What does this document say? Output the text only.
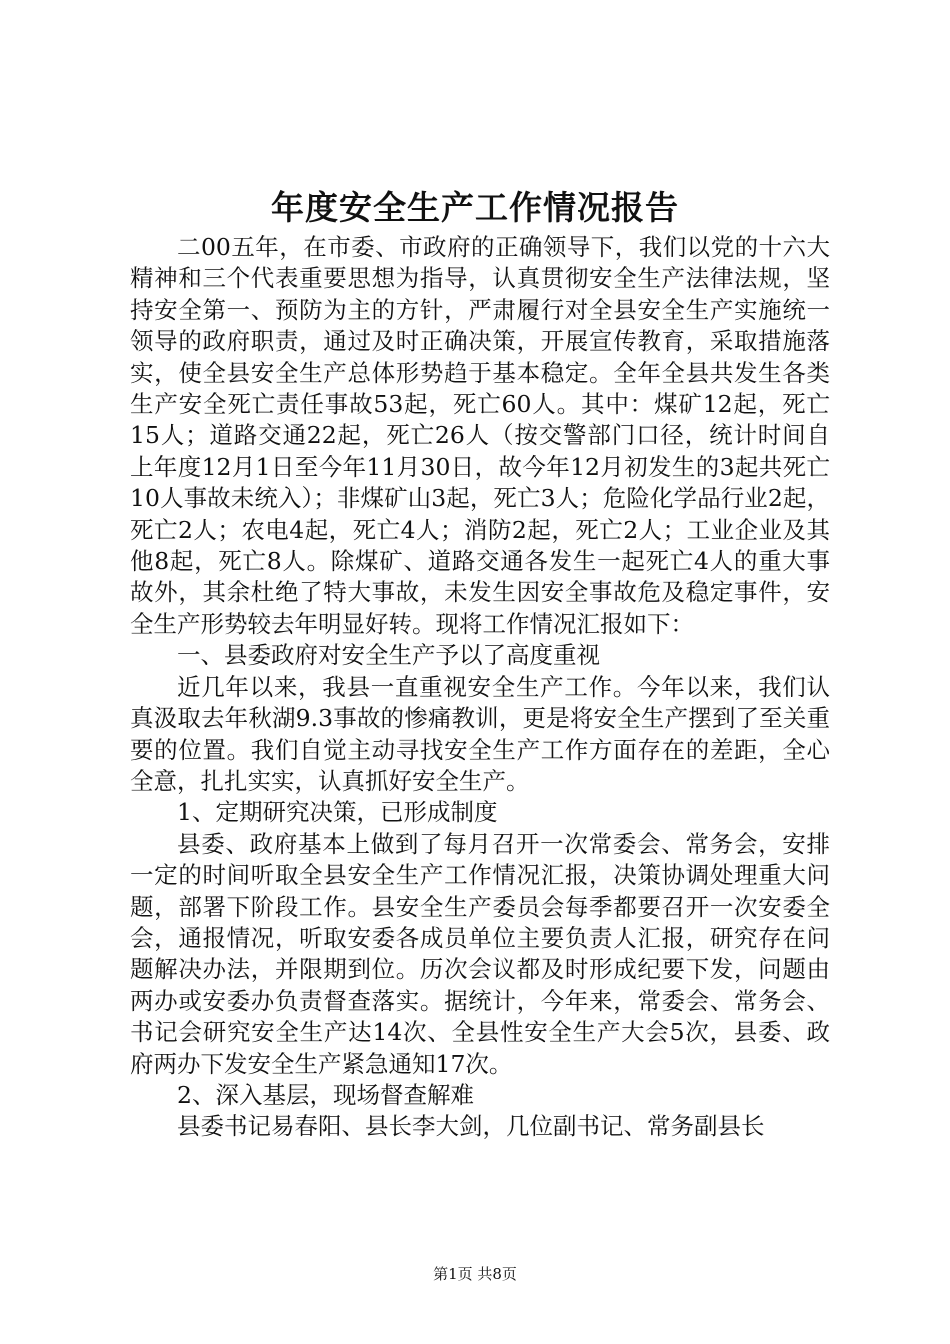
年度安全生产工作情况报告

二00五年，在市委、市政府的正确领导下，我们以党的十六大精神和三个代表重要思想为指导，认真贯彻安全生产法律法规，坚持安全第一、预防为主的方针，严肃履行对全县安全生产实施统一领导的政府职责，通过及时正确决策，开展宣传教育，采取措施落实，使全县安全生产总体形势趋于基本稳定。全年全县共发生各类生产安全死亡责任事故53起，死亡60人。其中：煤矿12起，死亡15人；道路交通22起，死亡26人（按交警部门口径，统计时间自上年度12月1日至今年11月30日，故今年12月初发生的3起共死亡10人事故未统入）；非煤矿山3起，死亡3人；危险化学品行业2起，死亡2人；农电4起，死亡4人；消防2起，死亡2人；工业企业及其他8起，死亡8人。除煤矿、道路交通各发生一起死亡4人的重大事故外，其余杜绝了特大事故，未发生因安全事故危及稳定事件，安全生产形势较去年明显好转。现将工作情况汇报如下：

一、县委政府对安全生产予以了高度重视

近几年以来，我县一直重视安全生产工作。今年以来，我们认真汲取去年秋湖9.3事故的惨痛教训，更是将安全生产摆到了至关重要的位置。我们自觉主动寻找安全生产工作方面存在的差距，全心全意，扎扎实实，认真抓好安全生产。

1、定期研究决策，已形成制度

县委、政府基本上做到了每月召开一次常委会、常务会，安排一定的时间听取全县安全生产工作情况汇报，决策协调处理重大问题，部署下阶段工作。县安全生产委员会每季都要召开一次安委全会，通报情况，听取安委各成员单位主要负责人汇报，研究存在问题解决办法，并限期到位。历次会议都及时形成纪要下发，问题由两办或安委办负责督查落实。据统计，今年来，常委会、常务会、书记会研究安全生产达14次、全县性安全生产大会5次，县委、政府两办下发安全生产紧急通知17次。

2、深入基层，现场督查解难

县委书记易春阳、县长李大剑，几位副书记、常务副县长

第1页 共8页
